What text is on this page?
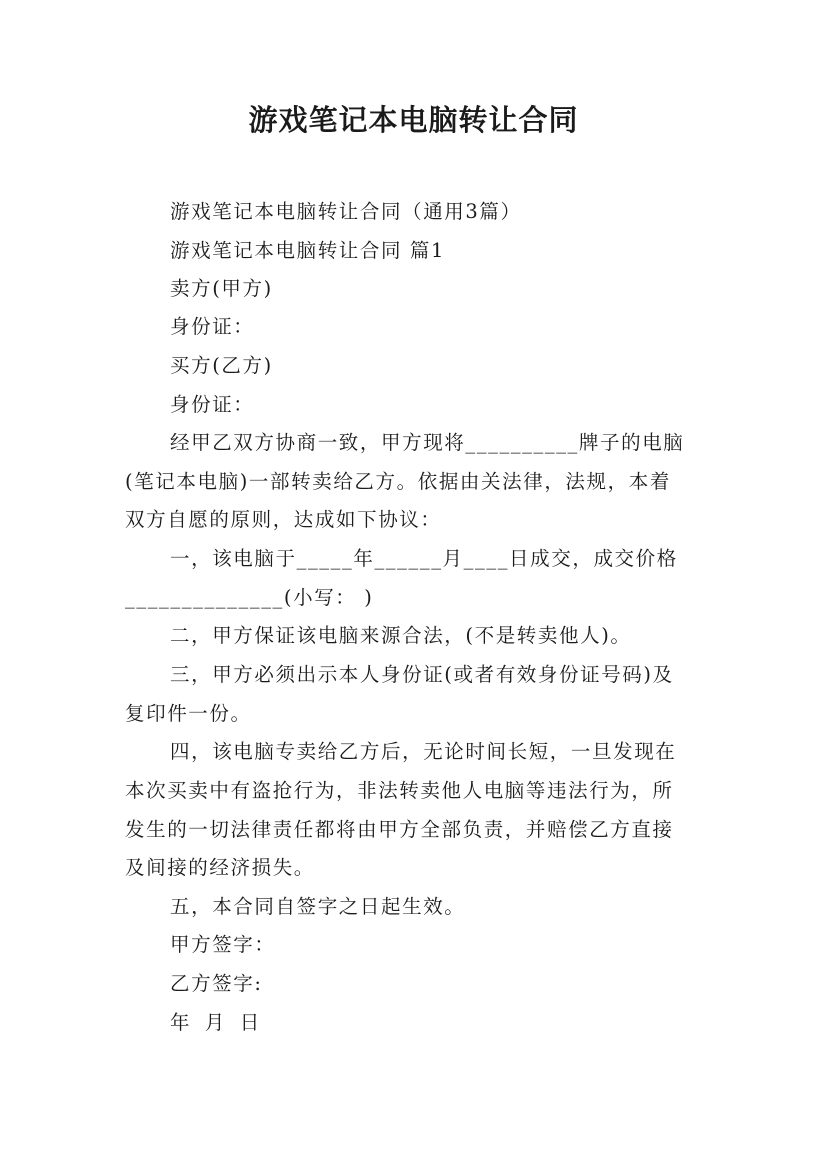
游戏笔记本电脑转让合同
游戏笔记本电脑转让合同（通用3篇）
游戏笔记本电脑转让合同 篇1
卖方(甲方)
身份证：
买方(乙方)
身份证：
经甲乙双方协商一致，甲方现将__________牌子的电脑
(笔记本电脑)一部转卖给乙方。依据由关法律，法规，本着
双方自愿的原则，达成如下协议：
一，该电脑于_____年______月____日成交，成交价格
______________(小写： )
二，甲方保证该电脑来源合法，(不是转卖他人)。
三，甲方必须出示本人身份证(或者有效身份证号码)及
复印件一份。
四，该电脑专卖给乙方后，无论时间长短，一旦发现在
本次买卖中有盗抢行为，非法转卖他人电脑等违法行为，所
发生的一切法律责任都将由甲方全部负责，并赔偿乙方直接
及间接的经济损失。
五，本合同自签字之日起生效。
甲方签字：
乙方签字:
年 月 日
